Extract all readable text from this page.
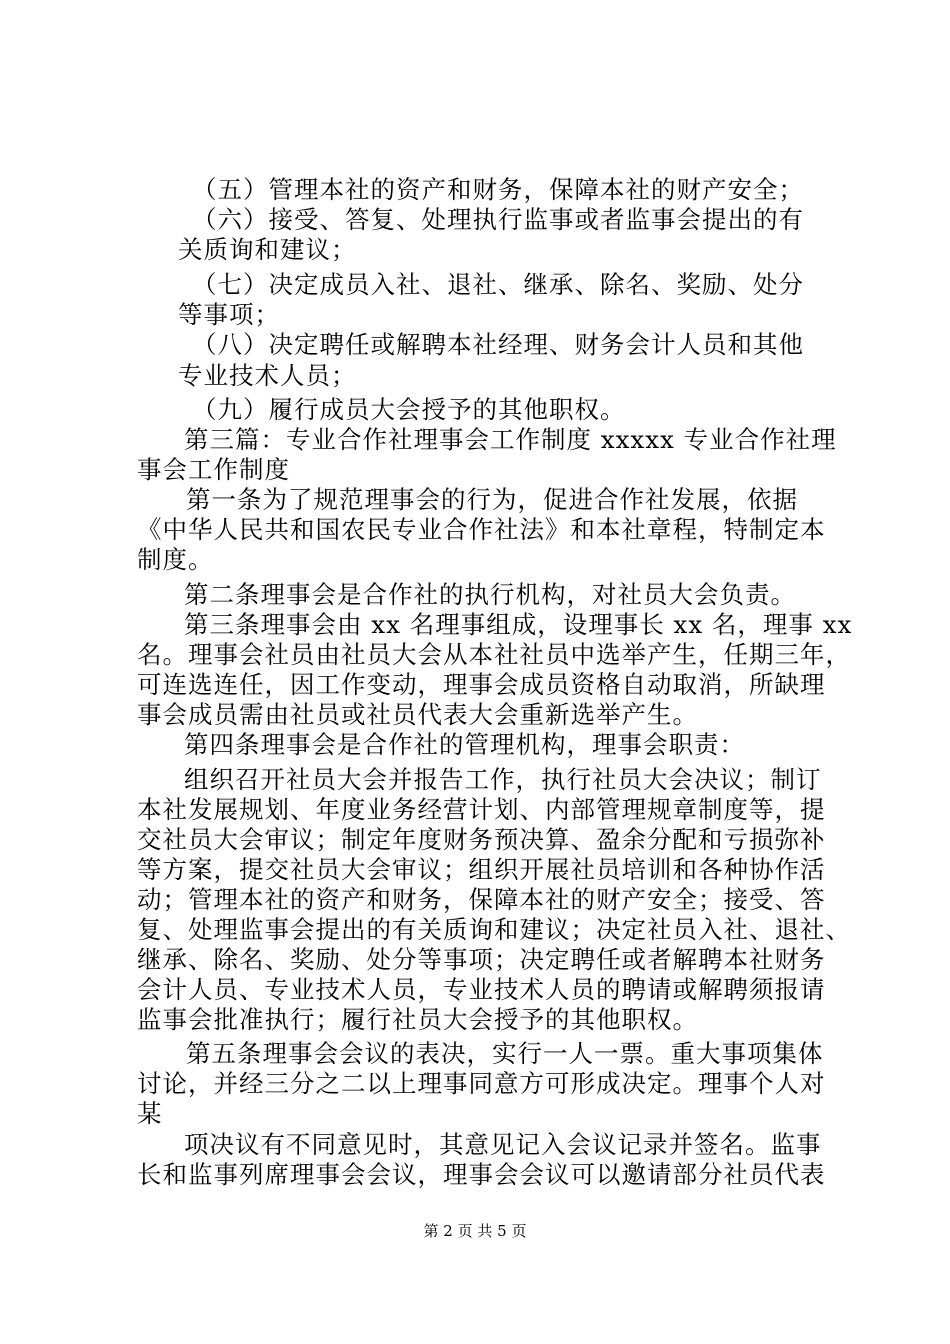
（五）管理本社的资产和财务，保障本社的财产安全；
（六）接受、答复、处理执行监事或者监事会提出的有
关质询和建议；
（七）决定成员入社、退社、继承、除名、奖励、处分
等事项；
（八）决定聘任或解聘本社经理、财务会计人员和其他
专业技术人员；
（九）履行成员大会授予的其他职权。
第三篇：专业合作社理事会工作制度 xxxxx 专业合作社理
事会工作制度
第一条为了规范理事会的行为，促进合作社发展，依据
《中华人民共和国农民专业合作社法》和本社章程，特制定本
制度。
第二条理事会是合作社的执行机构，对社员大会负责。
第三条理事会由 xx 名理事组成，设理事长 xx 名，理事 xx
名。理事会社员由社员大会从本社社员中选举产生，任期三年，
可连选连任，因工作变动，理事会成员资格自动取消，所缺理
事会成员需由社员或社员代表大会重新选举产生。
第四条理事会是合作社的管理机构，理事会职责：
组织召开社员大会并报告工作，执行社员大会决议；制订
本社发展规划、年度业务经营计划、内部管理规章制度等，提
交社员大会审议；制定年度财务预决算、盈余分配和亏损弥补
等方案，提交社员大会审议；组织开展社员培训和各种协作活
动；管理本社的资产和财务，保障本社的财产安全；接受、答
复、处理监事会提出的有关质询和建议；决定社员入社、退社、
继承、除名、奖励、处分等事项；决定聘任或者解聘本社财务
会计人员、专业技术人员，专业技术人员的聘请或解聘须报请
监事会批准执行；履行社员大会授予的其他职权。
第五条理事会会议的表决，实行一人一票。重大事项集体
讨论，并经三分之二以上理事同意方可形成决定。理事个人对
某
项决议有不同意见时，其意见记入会议记录并签名。监事
长和监事列席理事会会议，理事会会议可以邀请部分社员代表
第 2 页 共 5 页
